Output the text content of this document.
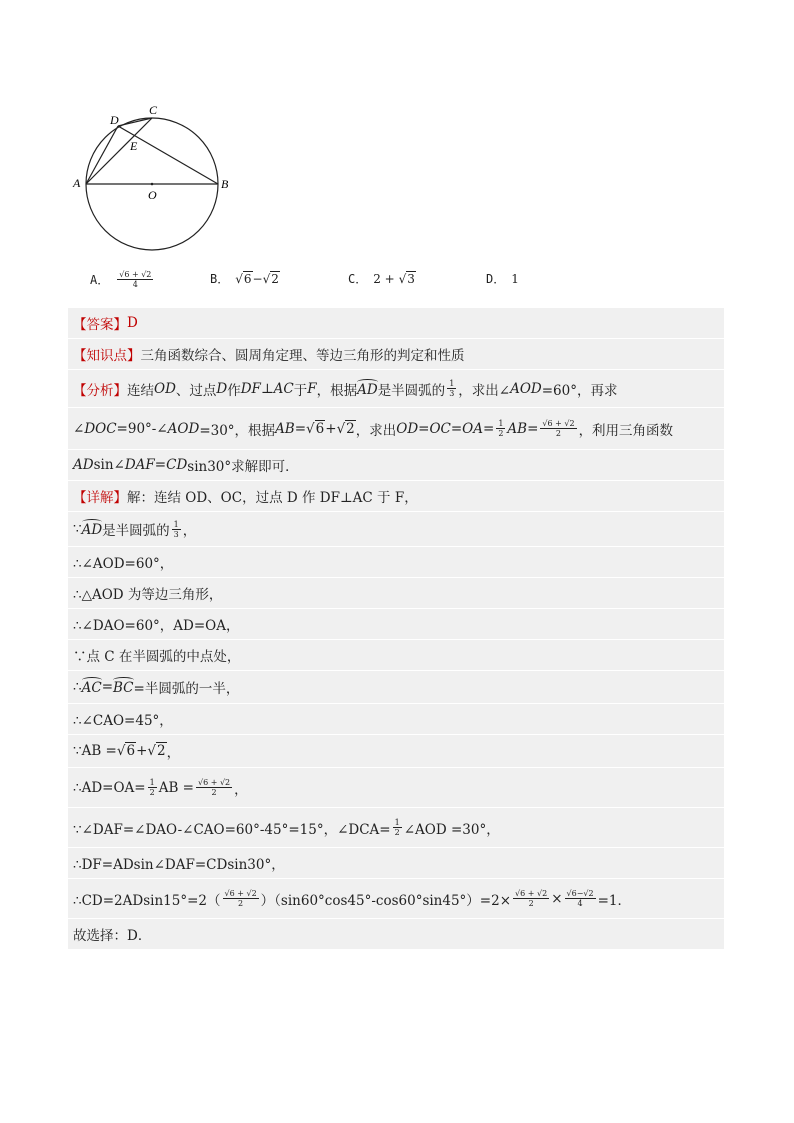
A	B
C
D
E
O
A． $\frac{√6 + √2}{4}$	B． √6−√2	C． 2 + √3	D． 1
【答案】 D
【知识点】 三角函数综合、圆周角定理、等边三角形的判定和性质
【分析】 连结 OD 、过点 D 作 DF ⊥ AC 于 F ，根据 AD 是半圆弧的 $\frac{1}{3}$ ，求出∠ AOD =60°，再求
∠ DOC =90°-∠ AOD =30°，根据 AB = √ 6 + √ 2 ，求出 $OD=OC=OA= \frac{1}{2}$ AB = $\frac{√6 + √2}{2}$ ，利用三角函数
AD sin∠ DAF = CD sin30°求解即可．
【详解】 解：连结 OD、OC，过点 D 作 DF⊥AC 于 F，
∵ AD 是半圆弧的 $\frac{1}{3}$ ，
∴∠AOD=60°，
∴△AOD 为等边三角形，
∴∠DAO=60°，AD=OA，
∵点 C 在半圆弧的中点处，
∴ AC = BC =半圆弧的一半，
∴∠CAO=45°，
∵AB = √ 6 + √ 2 ，
∴AD=OA= $\frac{1}{2}$ AB = $\frac{√6 + √2}{2}$ ，
∵∠DAF=∠DAO-∠CAO=60°-45°=15°，∠DCA= $\frac{1}{2}$ ∠AOD =30°，
∴DF=ADsin∠DAF=CDsin30°，
∴CD=2ADsin15°=2（ $\frac{√6 + √2}{2} )(\sin 60^\circ\cos 45^\circ-\cos 60^\circ\sin 45^\circ)=2\times \frac{√6 + √2}{2} \times \frac{√6-√2}{4} =1$．
故选择：D．
